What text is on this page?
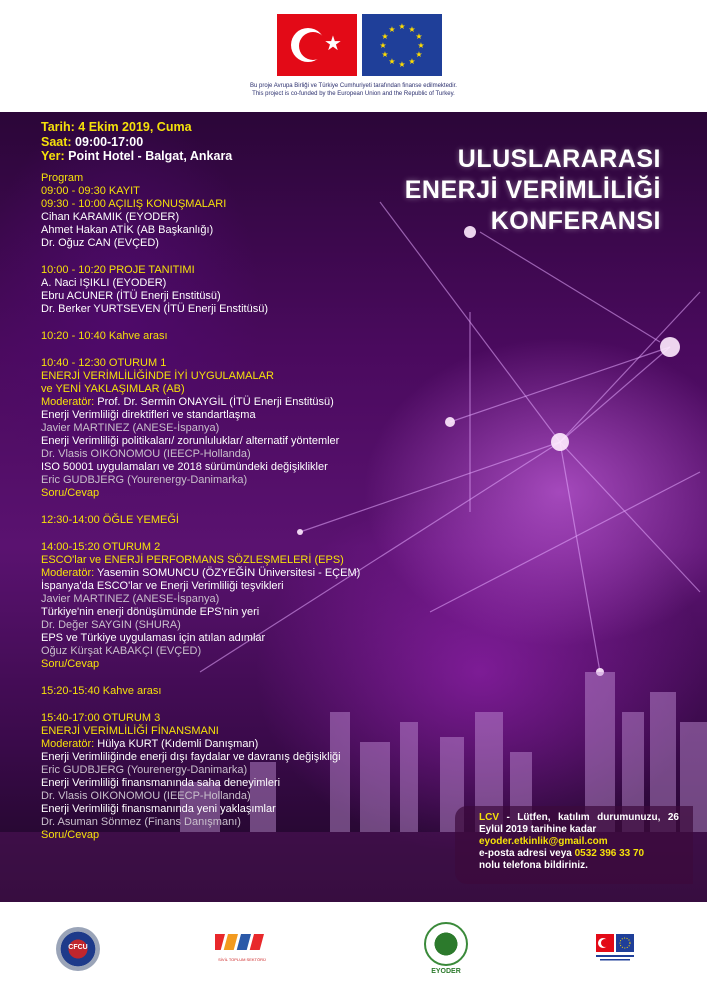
★
★ ★
★
★
★
★
★
★
★
★
★
★
Bu proje Avrupa Birliği ve Türkiye Cumhuriyeti tarafından finanse edilmektedir.
This project is co-funded by the European Union and the Republic of Turkey.
ULUSLARARASI
ENERJİ VERİMLİLİĞİ
KONFERANSI
Tarih: 4 Ekim 2019, Cuma
Saat: 09:00-17:00
Yer: Point Hotel - Balgat, Ankara
Program
09:00 - 09:30 KAYIT
09:30 - 10:00 AÇILIŞ KONUŞMALARI
Cihan KARAMIK (EYODER)
Ahmet Hakan ATİK (AB Başkanlığı)
Dr. Oğuz CAN (EVÇED)
10:00 - 10:20 PROJE TANITIMI
A. Naci IŞIKLI (EYODER)
Ebru ACUNER (İTÜ Enerji Enstitüsü)
Dr. Berker YURTSEVEN (İTÜ Enerji Enstitüsü)
10:20 - 10:40 Kahve arası
10:40 - 12:30 OTURUM 1
ENERJİ VERİMLİLİĞİNDE İYİ UYGULAMALAR
ve YENİ YAKLAŞIMLAR (AB)
Moderatör: Prof. Dr. Sermin ONAYGİL (İTÜ Enerji Enstitüsü)
Enerji Verimliliği direktifleri ve standartlaşma
Javier MARTINEZ (ANESE-İspanya)
Enerji Verimliliği politikaları/ zorunluluklar/ alternatif yöntemler
Dr. Vlasis OIKONOMOU (IEECP-Hollanda)
ISO 50001 uygulamaları ve 2018 sürümündeki değişiklikler
Eric GUDBJERG (Yourenergy-Danimarka)
Soru/Cevap
12:30-14:00 ÖĞLE YEMEĞİ
14:00-15:20 OTURUM 2
ESCO'lar ve ENERJİ PERFORMANS SÖZLEŞMELERİ (EPS)
Moderatör: Yasemin SOMUNCU (ÖZYEĞİN Üniversitesi - EÇEM)
İspanya'da ESCO'lar ve Enerji Verimliliği teşvikleri
Javier MARTINEZ (ANESE-İspanya)
Türkiye'nin enerji dönüşümünde EPS'nin yeri
Dr. Değer SAYGIN (SHURA)
EPS ve Türkiye uygulaması için atılan adımlar
Oğuz Kürşat KABAKÇI (EVÇED)
Soru/Cevap
15:20-15:40 Kahve arası
15:40-17:00 OTURUM 3
ENERJİ VERİMLİLİĞİ FİNANSMANI
Moderatör: Hülya KURT (Kıdemli Danışman)
Enerji Verimliliğinde enerji dışı faydalar ve davranış değişikliği
Eric GUDBJERG (Yourenergy-Danimarka)
Enerji Verimliliği finansmanında saha deneyimleri
Dr. Vlasis OIKONOMOU (IEECP-Hollanda)
Enerji Verimliliği finansmanında yeni yaklaşımlar
Dr. Asuman Sönmez (Finans Danışmanı)
Soru/Cevap
LCV - Lütfen, katılım durumunuzu, 26 Eylül 2019 tarihine kadar
eyoder.etkinlik@gmail.com
e-posta adresi veya 0532 396 33 70
nolu telefona bildiriniz.
CFCU
SİVİL TOPLUM SEKTÖRÜ
EYODER
